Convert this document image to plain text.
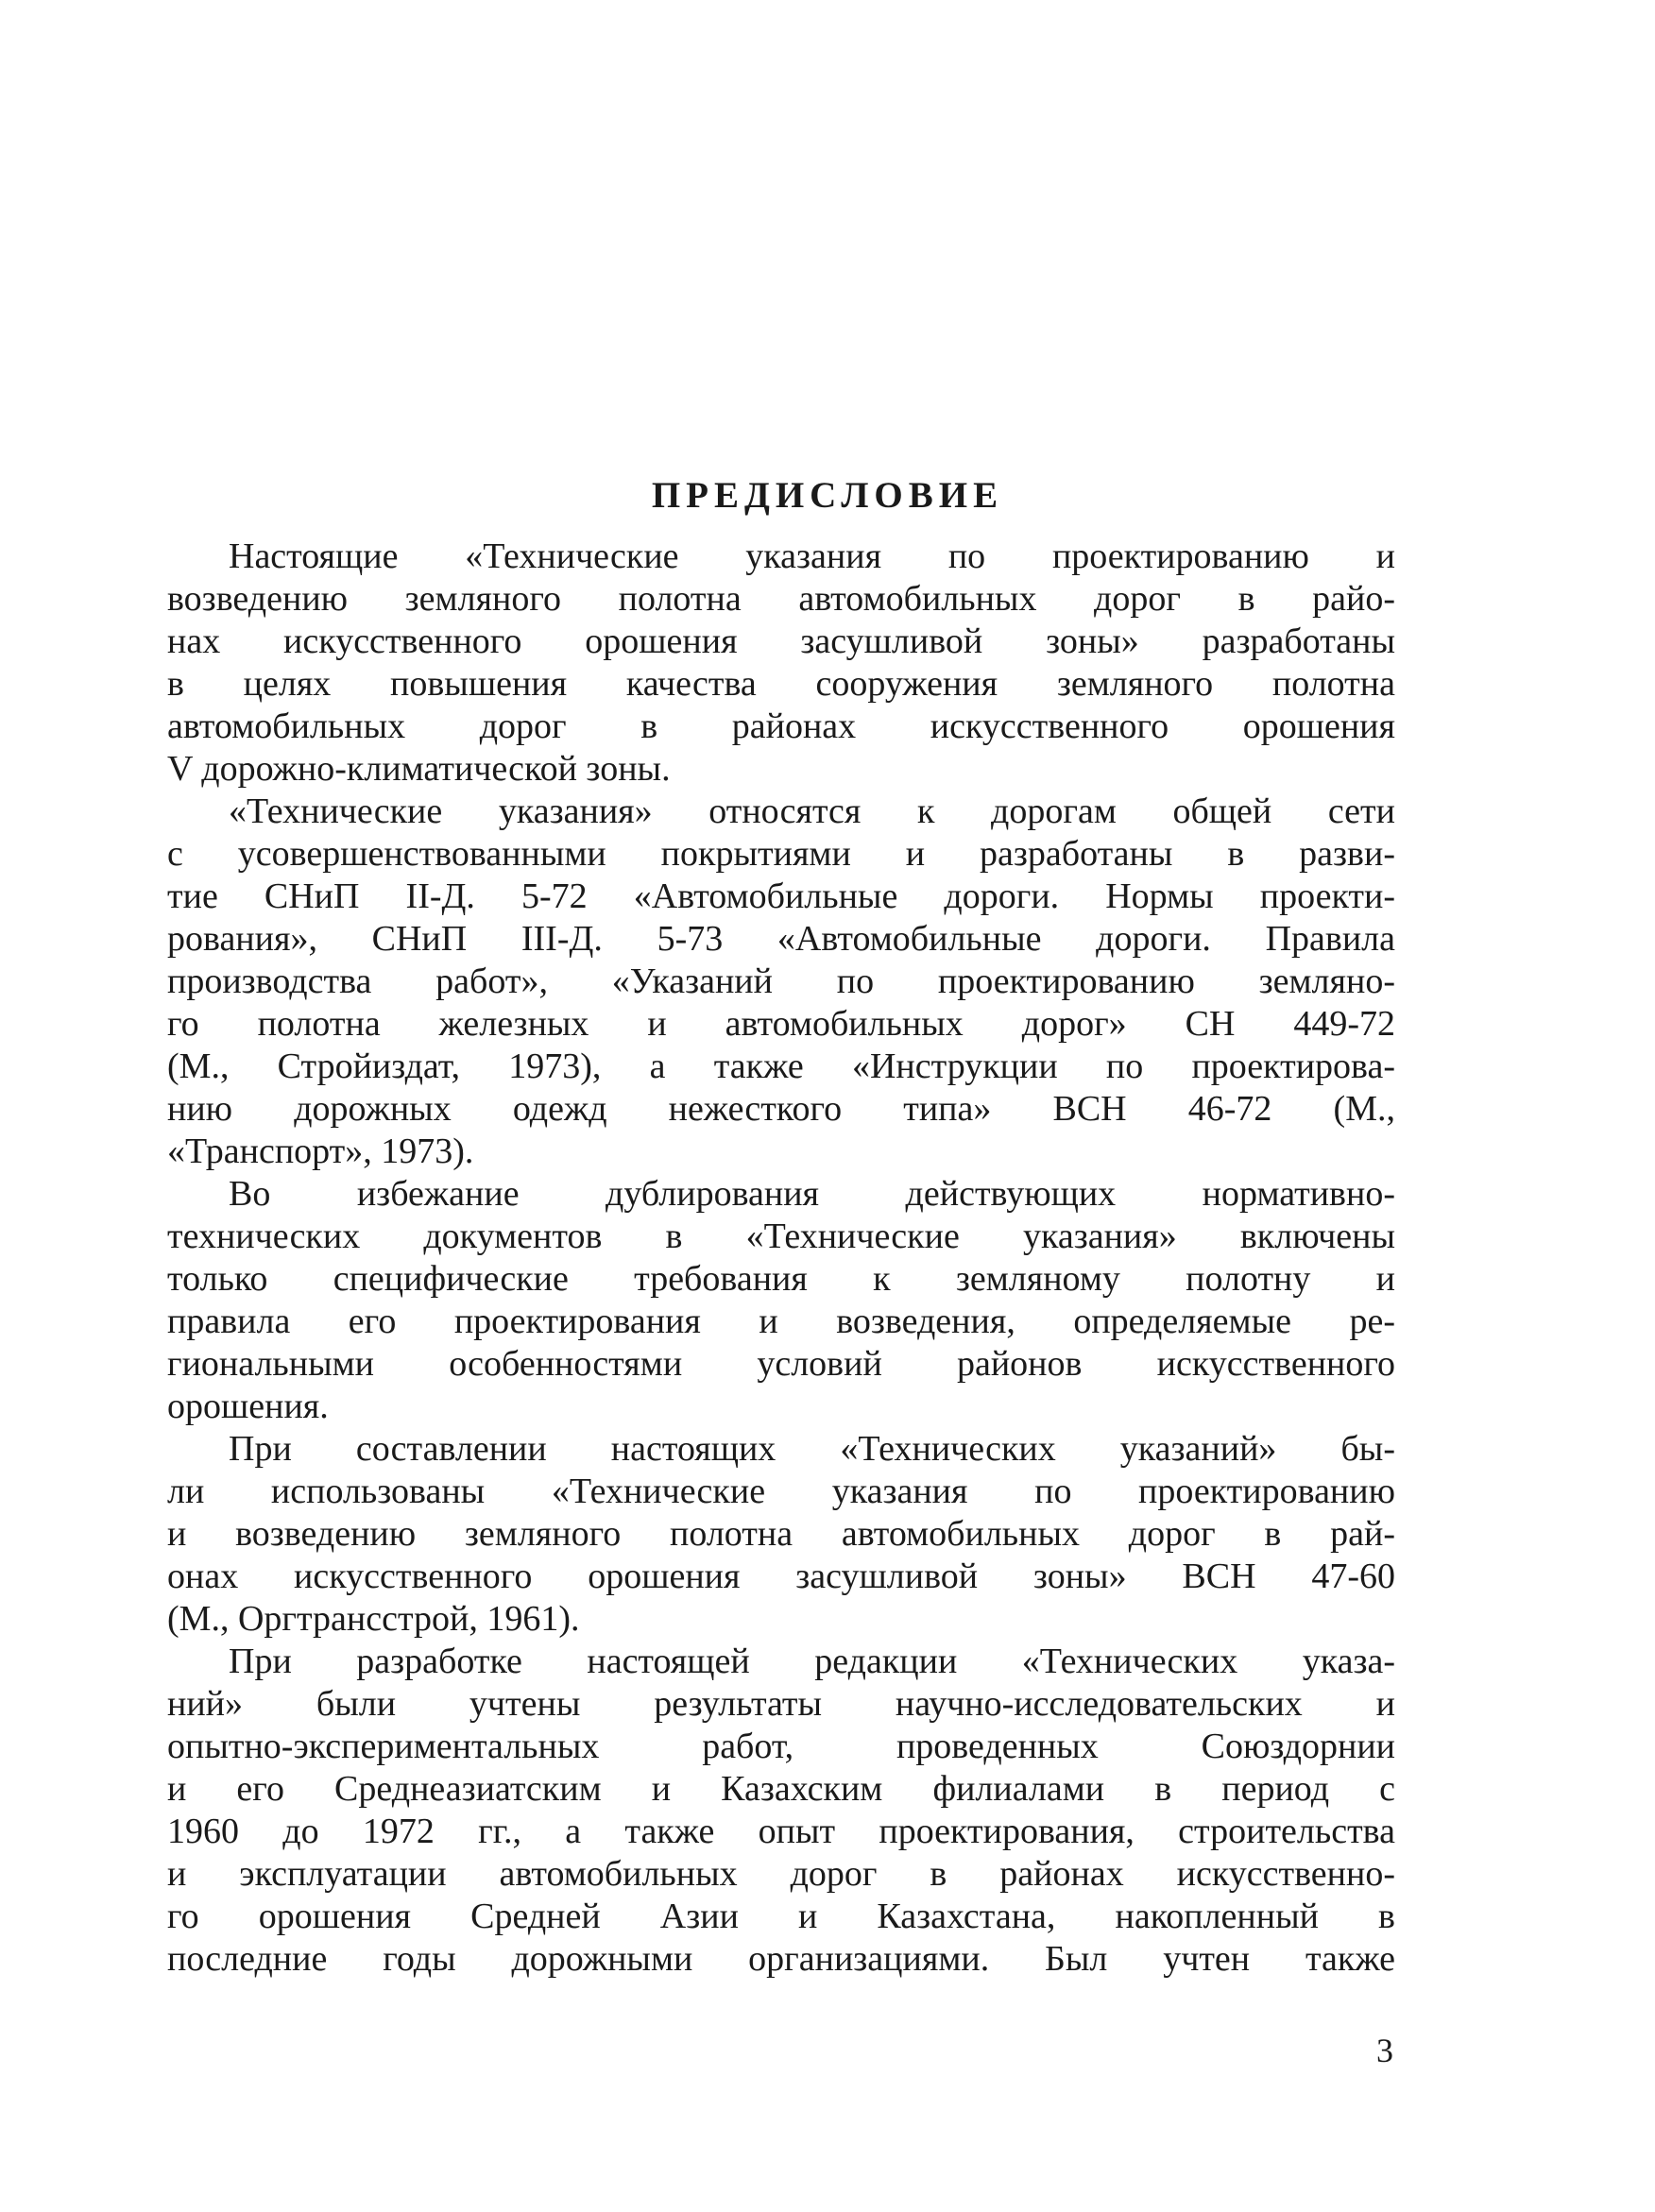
ПРЕДИСЛОВИЕ
Настоящие «Технические указания по проектированию и
возведению земляного полотна автомобильных дорог в райо-
нах искусственного орошения засушливой зоны» разработаны
в целях повышения качества сооружения земляного полотна
автомобильных дорог в районах искусственного орошения
V дорожно-климатической зоны.
«Технические указания» относятся к дорогам общей сети
с усовершенствованными покрытиями и разработаны в разви-
тие СНиП II-Д. 5-72 «Автомобильные дороги. Нормы проекти-
рования», СНиП III-Д. 5-73 «Автомобильные дороги. Правила
производства работ», «Указаний по проектированию земляно-
го полотна железных и автомобильных дорог» СН 449-72
(М., Стройиздат, 1973), а также «Инструкции по проектирова-
нию дорожных одежд нежесткого типа» ВСН 46-72 (М.,
«Транспорт», 1973).
Во избежание дублирования действующих нормативно-
технических документов в «Технические указания» включены
только специфические требования к земляному полотну и
правила его проектирования и возведения, определяемые ре-
гиональными особенностями условий районов искусственного
орошения.
При составлении настоящих «Технических указаний» бы-
ли использованы «Технические указания по проектированию
и возведению земляного полотна автомобильных дорог в рай-
онах искусственного орошения засушливой зоны» ВСН 47-60
(М., Оргтрансстрой, 1961).
При разработке настоящей редакции «Технических указа-
ний» были учтены результаты научно-исследовательских и
опытно-экспериментальных работ, проведенных Союздорнии
и его Среднеазиатским и Казахским филиалами в период с
1960 до 1972 гг., а также опыт проектирования, строительства
и эксплуатации автомобильных дорог в районах искусственно-
го орошения Средней Азии и Казахстана, накопленный в
последние годы дорожными организациями. Был учтен также
3
